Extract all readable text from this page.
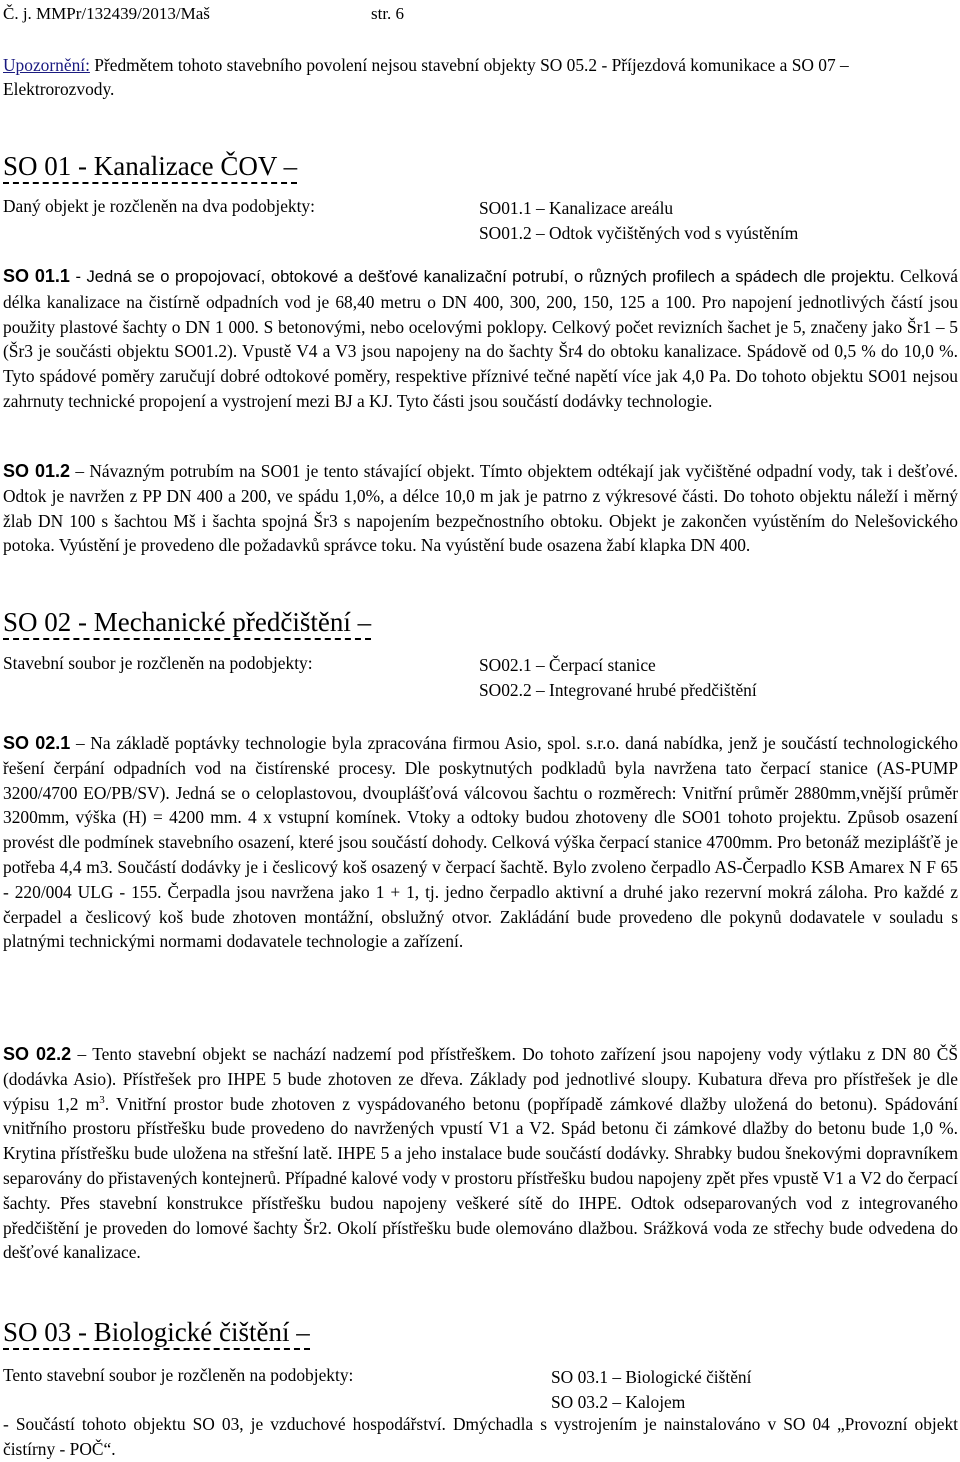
Č. j. MMPr/132439/2013/Maš	str. 6
Upozornění: Předmětem tohoto stavebního povolení nejsou stavební objekty SO 05.2 - Příjezdová komunikace a SO 07 – Elektrorozvody.
SO 01 - Kanalizace ČOV –
Daný objekt je rozčleněn na dva podobjekty:	SO01.1 – Kanalizace areálu
SO01.2 – Odtok vyčištěných vod s vyústěním

SO 01.1 - Jedná se o propojovací, obtokové a dešťové kanalizační potrubí, o různých profilech a spádech dle projektu. Celková délka kanalizace na čistírně odpadních vod je 68,40 metru o DN 400, 300, 200, 150, 125 a 100. Pro napojení jednotlivých částí jsou použity plastové šachty o DN 1 000. S betonovými, nebo ocelovými poklopy. Celkový počet revizních šachet je 5, značeny jako Šr1 – 5 (Šr3 je součásti objektu SO01.2). Vpustě V4 a V3 jsou napojeny na do šachty Šr4 do obtoku kanalizace. Spádově od 0,5 % do 10,0 %. Tyto spádové poměry zaručují dobré odtokové poměry, respektive příznivé tečné napětí více jak 4,0 Pa. Do tohoto objektu SO01 nejsou zahrnuty technické propojení a vystrojení mezi BJ a KJ. Tyto části jsou součástí dodávky technologie.

SO 01.2 – Návazným potrubím na SO01 je tento stávající objekt. Tímto objektem odtékají jak vyčištěné odpadní vody, tak i dešťové. Odtok je navržen z PP DN 400 a 200, ve spádu 1,0%, a délce 10,0 m jak je patrno z výkresové části. Do tohoto objektu náleží i měrný žlab DN 100 s šachtou Mš i šachta spojná Šr3 s napojením bezpečnostního obtoku. Objekt je zakončen vyústěním do Nelešovického potoka. Vyústění je provedeno dle požadavků správce toku. Na vyústění bude osazena žabí klapka DN 400.

SO 02 - Mechanické předčištění –
Stavební soubor je rozčleněn na podobjekty:	SO02.1 – Čerpací stanice
SO02.2 – Integrované hrubé předčištění

SO 02.1 – Na základě poptávky technologie byla zpracována firmou Asio, spol. s.r.o. daná nabídka, jenž je součástí technologického řešení čerpání odpadních vod na čistírenské procesy. Dle poskytnutých podkladů byla navržena tato čerpací stanice (AS-PUMP 3200/4700 EO/PB/SV). Jedná se o celoplastovou, dvouplášťová válcovou šachtu o rozměrech: Vnitřní průměr 2880mm,vnější průměr 3200mm, výška (H) = 4200 mm. 4 x vstupní komínek. Vtoky a odtoky budou zhotoveny dle SO01 tohoto projektu. Způsob osazení provést dle podmínek stavebního osazení, které jsou součástí dohody. Celková výška čerpací stanice 4700mm. Pro betonáž meziplášťě je potřeba 4,4 m3. Součástí dodávky je i česlicový koš osazený v čerpací šachtě. Bylo zvoleno čerpadlo AS-Čerpadlo KSB Amarex N F 65 - 220/004 ULG - 155. Čerpadla jsou navržena jako 1 + 1, tj. jedno čerpadlo aktivní a druhé jako rezervní mokrá záloha. Pro každé z čerpadel a česlicový koš bude zhotoven montážní, obslužný otvor. Zakládání bude provedeno dle pokynů dodavatele v souladu s platnými technickými normami dodavatele technologie a zařízení.

SO 02.2 – Tento stavební objekt se nachází nadzemí pod přístřeškem. Do tohoto zařízení jsou napojeny vody výtlaku z DN 80 ČŠ (dodávka Asio). Přístřešek pro IHPE 5 bude zhotoven ze dřeva. Základy pod jednotlivé sloupy. Kubatura dřeva pro přístřešek je dle výpisu 1,2 $m^3$. Vnitřní prostor bude zhotoven z vyspádovaného betonu (popřípadě zámkové dlažby uložená do betonu). Spádování vnitřního prostoru přístřešku bude provedeno do navržených vpustí V1 a V2. Spád betonu či zámkové dlažby do betonu bude 1,0 %. Krytina přístřešku bude uložena na střešní latě. IHPE 5 a jeho instalace bude součástí dodávky. Shrabky budou šnekovými dopravníkem separovány do přistavených kontejnerů. Případné kalové vody v prostoru přístřešku budou napojeny zpět přes vpustě V1 a V2 do čerpací šachty. Přes stavební konstrukce přístřešku budou napojeny veškeré sítě do IHPE. Odtok odseparovaných vod z integrovaného předčištění je proveden do lomové šachty Šr2. Okolí přístřešku bude olemováno dlažbou. Srážková voda ze střechy bude odvedena do dešťové kanalizace.

SO 03 - Biologické čištění –
Tento stavební soubor je rozčleněn na podobjekty:	SO 03.1 – Biologické čištění
SO 03.2 – Kalojem

- Součástí tohoto objektu SO 03, je vzduchové hospodářství. Dmýchadla s vystrojením je nainstalováno v SO 04 „Provozní objekt čistírny - POČ“.
